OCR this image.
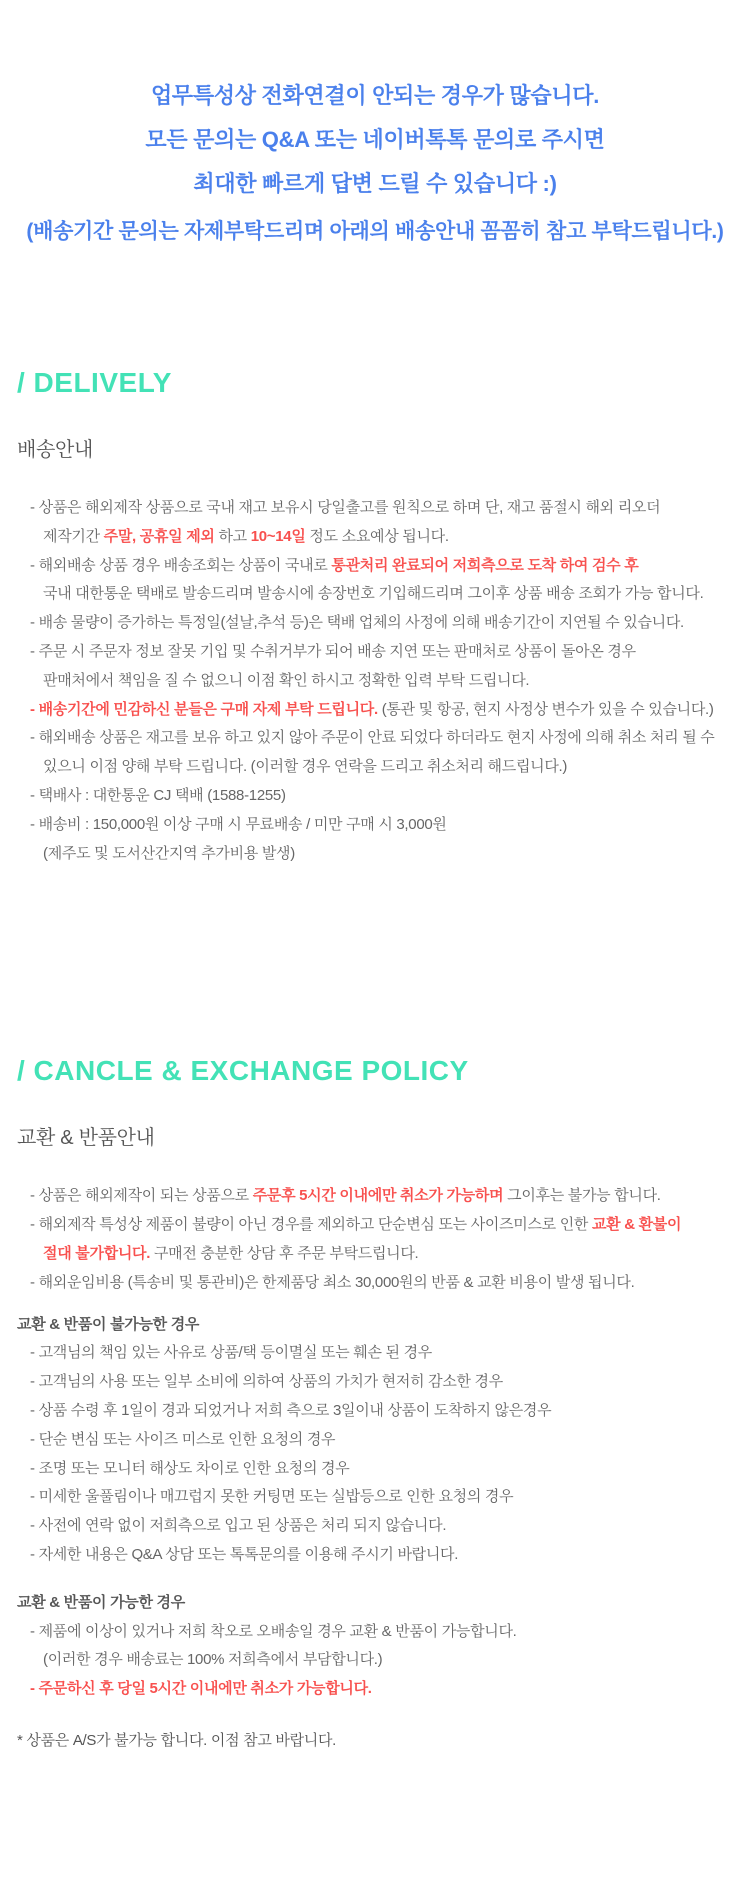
업무특성상 전화연결이 안되는 경우가 많습니다.

모든 문의는 Q&A 또는 네이버톡톡 문의로 주시면

최대한 빠르게 답변 드릴 수 있습니다 :)

(배송기간 문의는 자제부탁드리며 아래의 배송안내 꼼꼼히 참고 부탁드립니다.)

/ DELIVELY
배송안내
- 상품은 해외제작 상품으로 국내 재고 보유시 당일출고를 원칙으로 하며 단, 재고 품절시 해외 리오더
제작기간 주말, 공휴일 제외 하고 10~14일 정도 소요예상 됩니다.
- 해외배송 상품 경우 배송조회는 상품이 국내로 통관처리 완료되어 저희측으로 도착 하여 검수 후
국내 대한통운 택배로 발송드리며 발송시에 송장번호 기입해드리며 그이후 상품 배송 조회가 가능 합니다.
- 배송 물량이 증가하는 특정일(설날,추석 등)은 택배 업체의 사정에 의해 배송기간이 지연될 수 있습니다.
- 주문 시 주문자 정보 잘못 기입 및 수취거부가 되어 배송 지연 또는 판매처로 상품이 돌아온 경우
판매처에서 책임을 질 수 없으니 이점 확인 하시고 정확한 입력 부탁 드립니다.
- 배송기간에 민감하신 분들은 구매 자제 부탁 드립니다. (통관 및 항공, 현지 사정상 변수가 있을 수 있습니다.)
- 해외배송 상품은 재고를 보유 하고 있지 않아 주문이 안료 되었다 하더라도 현지 사정에 의해 취소 처리 될 수
있으니 이점 양해 부탁 드립니다. (이러할 경우 연락을 드리고 취소처리 해드립니다.)
- 택배사 : 대한통운 CJ 택배 (1588-1255)
- 배송비 : 150,000원 이상 구매 시 무료배송 / 미만 구매 시 3,000원
(제주도 및 도서산간지역 추가비용 발생)
/ CANCLE & EXCHANGE POLICY
교환 & 반품안내
- 상품은 해외제작이 되는 상품으로 주문후 5시간 이내에만 취소가 가능하며 그이후는 불가능 합니다.
- 해외제작 특성상 제품이 불량이 아닌 경우를 제외하고 단순변심 또는 사이즈미스로 인한 교환 & 환불이
절대 불가합니다. 구매전 충분한 상담 후 주문 부탁드립니다.
- 해외운임비용 (특송비 및 통관비)은 한제품당 최소 30,000원의 반품 & 교환 비용이 발생 됩니다.
교환 & 반품이 불가능한 경우
- 고객님의 책임 있는 사유로 상품/택 등이멸실 또는 훼손 된 경우
- 고객님의 사용 또는 일부 소비에 의하여 상품의 가치가 현저히 감소한 경우
- 상품 수령 후 1일이 경과 되었거나 저희 측으로 3일이내 상품이 도착하지 않은경우
- 단순 변심 또는 사이즈 미스로 인한 요청의 경우
- 조명 또는 모니터 해상도 차이로 인한 요청의 경우
- 미세한 울풀림이나 매끄럽지 못한 커팅면 또는 실밥등으로 인한 요청의 경우
- 사전에 연락 없이 저희측으로 입고 된 상품은 처리 되지 않습니다.
- 자세한 내용은 Q&A 상담 또는 톡톡문의를 이용해 주시기 바랍니다.
교환 & 반품이 가능한 경우
- 제품에 이상이 있거나 저희 착오로 오배송일 경우 교환 & 반품이 가능합니다.
(이러한 경우 배송료는 100% 저희측에서 부담합니다.)
- 주문하신 후 당일 5시간 이내에만 취소가 가능합니다.

* 상품은 A/S가 불가능 합니다. 이점 참고 바랍니다.
